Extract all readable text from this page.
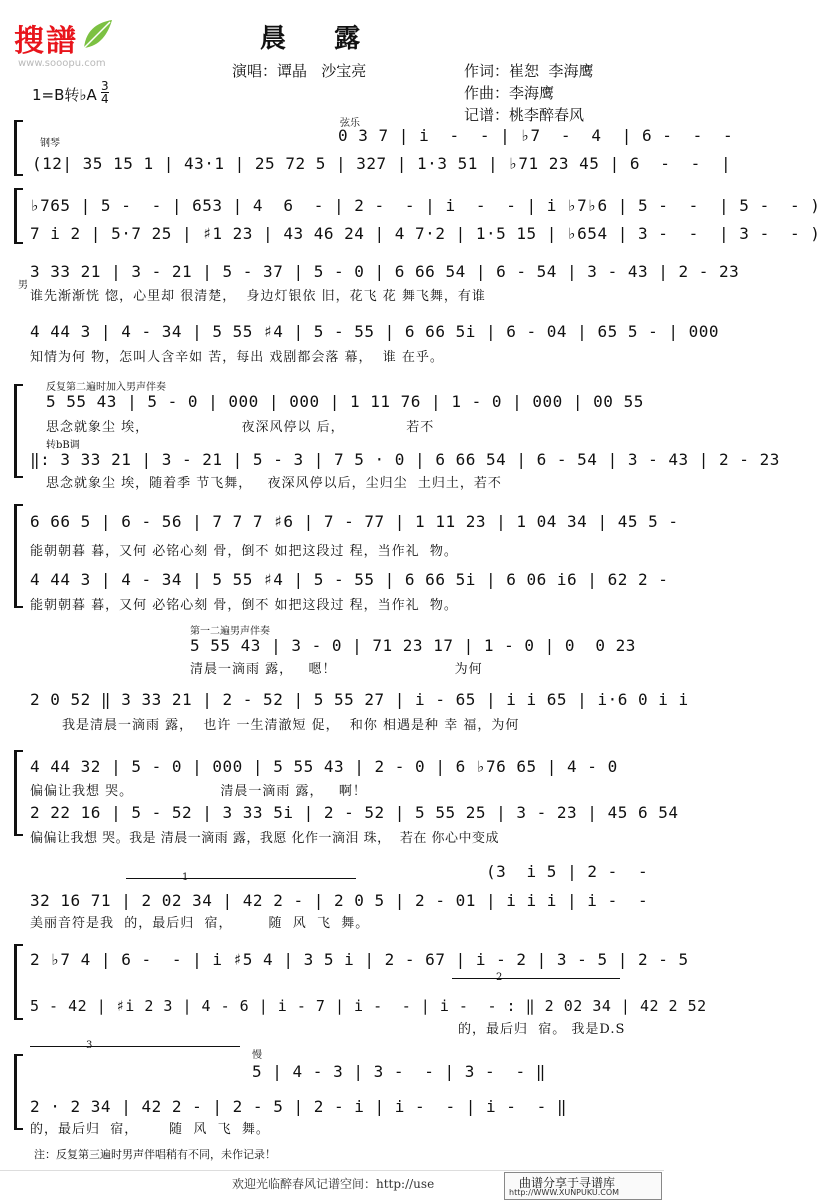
搜譜
www.sooopu.com
晨  露
演唱：谭晶   沙宝亮	作词：崔恕  李海鹰
作曲：李海鹰
记谱：桃李醉春风
1=B转♭A $\frac{3}{4}$
弦乐
钢琴
男
反复第二遍时加入男声伴奏
转bB调
第一二遍男声伴奏
慢
1
2
3
0 3 7 | i  -  - | ♭7  -  4  | 6 -  -  -
(12| 35 15 1 | 43·1 | 25 72 5 | 327 | 1·3 51 | ♭71 23 45 | 6  -  -  |
♭765 | 5 -  - | 653 | 4  6  - | 2 -  - | i  -  - | i ♭7♭6 | 5 -  -  | 5 -  - )
7 i 2 | 5·7 25 | ♯1 23 | 43 46 24 | 4 7·2 | 1·5 15 | ♭654 | 3 -  -  | 3 -  - )
3 33 21 | 3 - 21 | 5 - 37 | 5 - 0 | 6 66 54 | 6 - 54 | 3 - 43 | 2 - 23
4 44 3 | 4 - 34 | 5 55 ♯4 | 5 - 55 | 6 66 5i | 6 - 04 | 65 5 - | 000
5 55 43 | 5 - 0 | 000 | 000 | 1 11 76 | 1 - 0 | 000 | 00 55
‖: 3 33 21 | 3 - 21 | 5 - 3 | 7 5 · 0 | 6 66 54 | 6 - 54 | 3 - 43 | 2 - 23
6 66 5 | 6 - 56 | 7 7 7 ♯6 | 7 - 77 | 1 11 23 | 1 04 34 | 45 5 -
4 44 3 | 4 - 34 | 5 55 ♯4 | 5 - 55 | 6 66 5i | 6 06 i6 | 62 2 -
5 55 43 | 3 - 0 | 71 23 17 | 1 - 0 | 0  0 23
2 0 52 ‖ 3 33 21 | 2 - 52 | 5 55 27 | i - 65 | i i 65 | i·6 0 i i
4 44 32 | 5 - 0 | 000 | 5 55 43 | 2 - 0 | 6 ♭76 65 | 4 - 0
2 22 16 | 5 - 52 | 3 33 5i | 2 - 52 | 5 55 25 | 3 - 23 | 45 6 54
(3  i 5 | 2 -  -
32 16 71 | 2 02 34 | 42 2 - | 2 0 5 | 2 - 01 | i i i | i -  -
2 ♭7 4 | 6 -  - | i ♯5 4 | 3 5 i | 2 - 67 | i - 2 | 3 - 5 | 2 - 5
5 - 42 | ♯i 2 3 | 4 - 6 | i - 7 | i -  - | i -  - : ‖ 2 02 34 | 42 2 52
5 | 4 - 3 | 3 -  - | 3 -  - ‖
2 · 2 34 | 42 2 - | 2 - 5 | 2 - i | i -  - | i -  - ‖
谁先渐渐恍 惚，心里却 很清楚，  身边灯银依 旧，花飞 花 舞飞舞，有谁
知情为何 物，怎叫人含辛如 苦，每出 戏剧都会落 幕，  谁 在乎。
思念就象尘 埃，                  夜深风停以 后，            若不
思念就象尘 埃，随着季 节飞舞，   夜深风停以后，尘归尘  土归土，若不
能朝朝暮 暮，又何 必铭心刻 骨，倒不 如把这段过 程，当作礼  物。
能朝朝暮 暮，又何 必铭心刻 骨，倒不 如把这段过 程，当作礼  物。
清晨一滴雨 露，   嗯！                       为何
我是清晨一滴雨 露，  也许 一生清澈短 促，  和你 相遇是种 幸 福，为何
偏偏让我想 哭。                 清晨一滴雨 露，   啊！
偏偏让我想 哭。我是 清晨一滴雨 露，我愿 化作一滴泪 珠，  若在 你心中变成
美丽音符是我  的，最后归  宿，       随  风  飞  舞。
的，最后归  宿。 我是D.S
的，最后归  宿，      随  风  飞  舞。
注：反复第三遍时男声伴唱稍有不同，未作记录！
欢迎光临醉春风记谱空间：http://use	曲谱分享于寻谱库
http://WWW.XUNPUKU.COM
